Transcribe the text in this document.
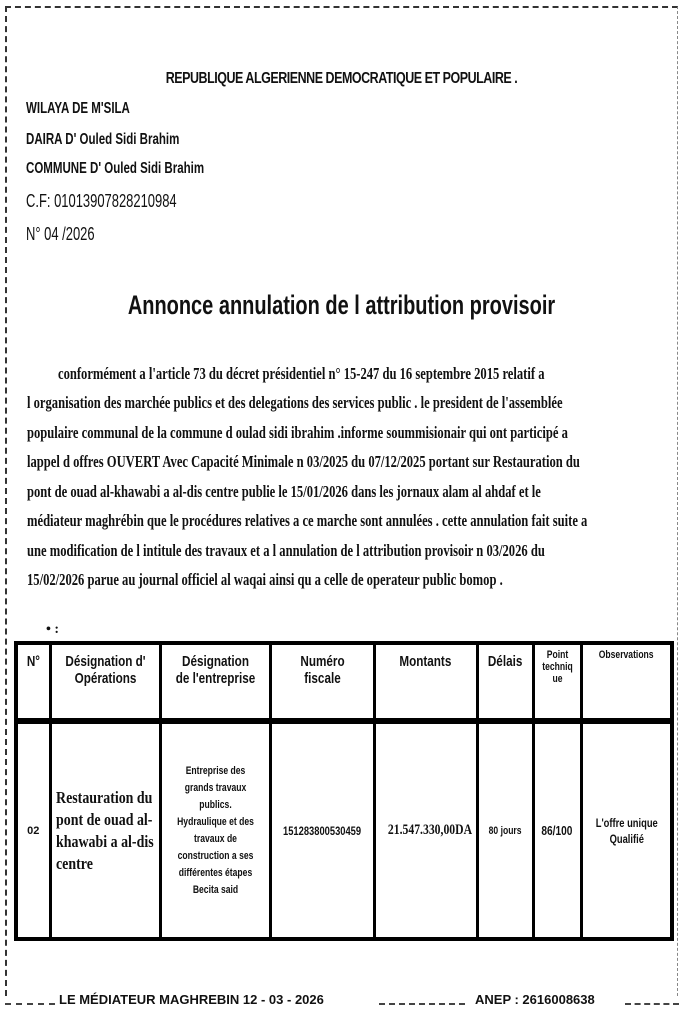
REPUBLIQUE ALGERIENNE DEMOCRATIQUE ET POPULAIRE .
WILAYA DE M'SILA
DAIRA D' Ouled Sidi Brahim
COMMUNE D' Ouled Sidi Brahim
C.F: 01013907828210984
N° 04 /2026
Annonce annulation de l attribution provisoir
conformément a l'article 73 du décret présidentiel n° 15-247 du 16 septembre 2015 relatif a
l organisation des marchée publics et des delegations des services public . le president de l'assemblée
populaire communal de la commune d oulad sidi ibrahim .informe soummisionair qui ont participé a
lappel d offres OUVERT Avec Capacité Minimale n 03/2025 du 07/12/2025 portant sur Restauration du
pont de ouad al-khawabi a al-dis centre publie le 15/01/2026 dans les jornaux alam al ahdaf et le
médiateur maghrébin que le procédures relatives a ce marche sont annulées . cette annulation fait suite a
une modification de l intitule des travaux et a l annulation de l attribution provisoir n 03/2026 du
15/02/2026 parue au journal officiel al waqai ainsi qu a celle de operateur public bomop .
• :
N°	Désignation d' Opérations	Désignation de l'entreprise	Numéro fiscale	Montants	Délais	Point techniq ue	Observations
02	Restauration du pont de ouad al-khawabi a al-dis centre	Entreprise des grands travaux publics. Hydraulique et des travaux de construction a ses différentes étapes Becita said	151283800530459	21.547.330,00DA	80 jours	86/100	L'offre unique Qualifié
LE MÉDIATEUR MAGHREBIN 12 - 03 - 2026	ANEP : 2616008638
